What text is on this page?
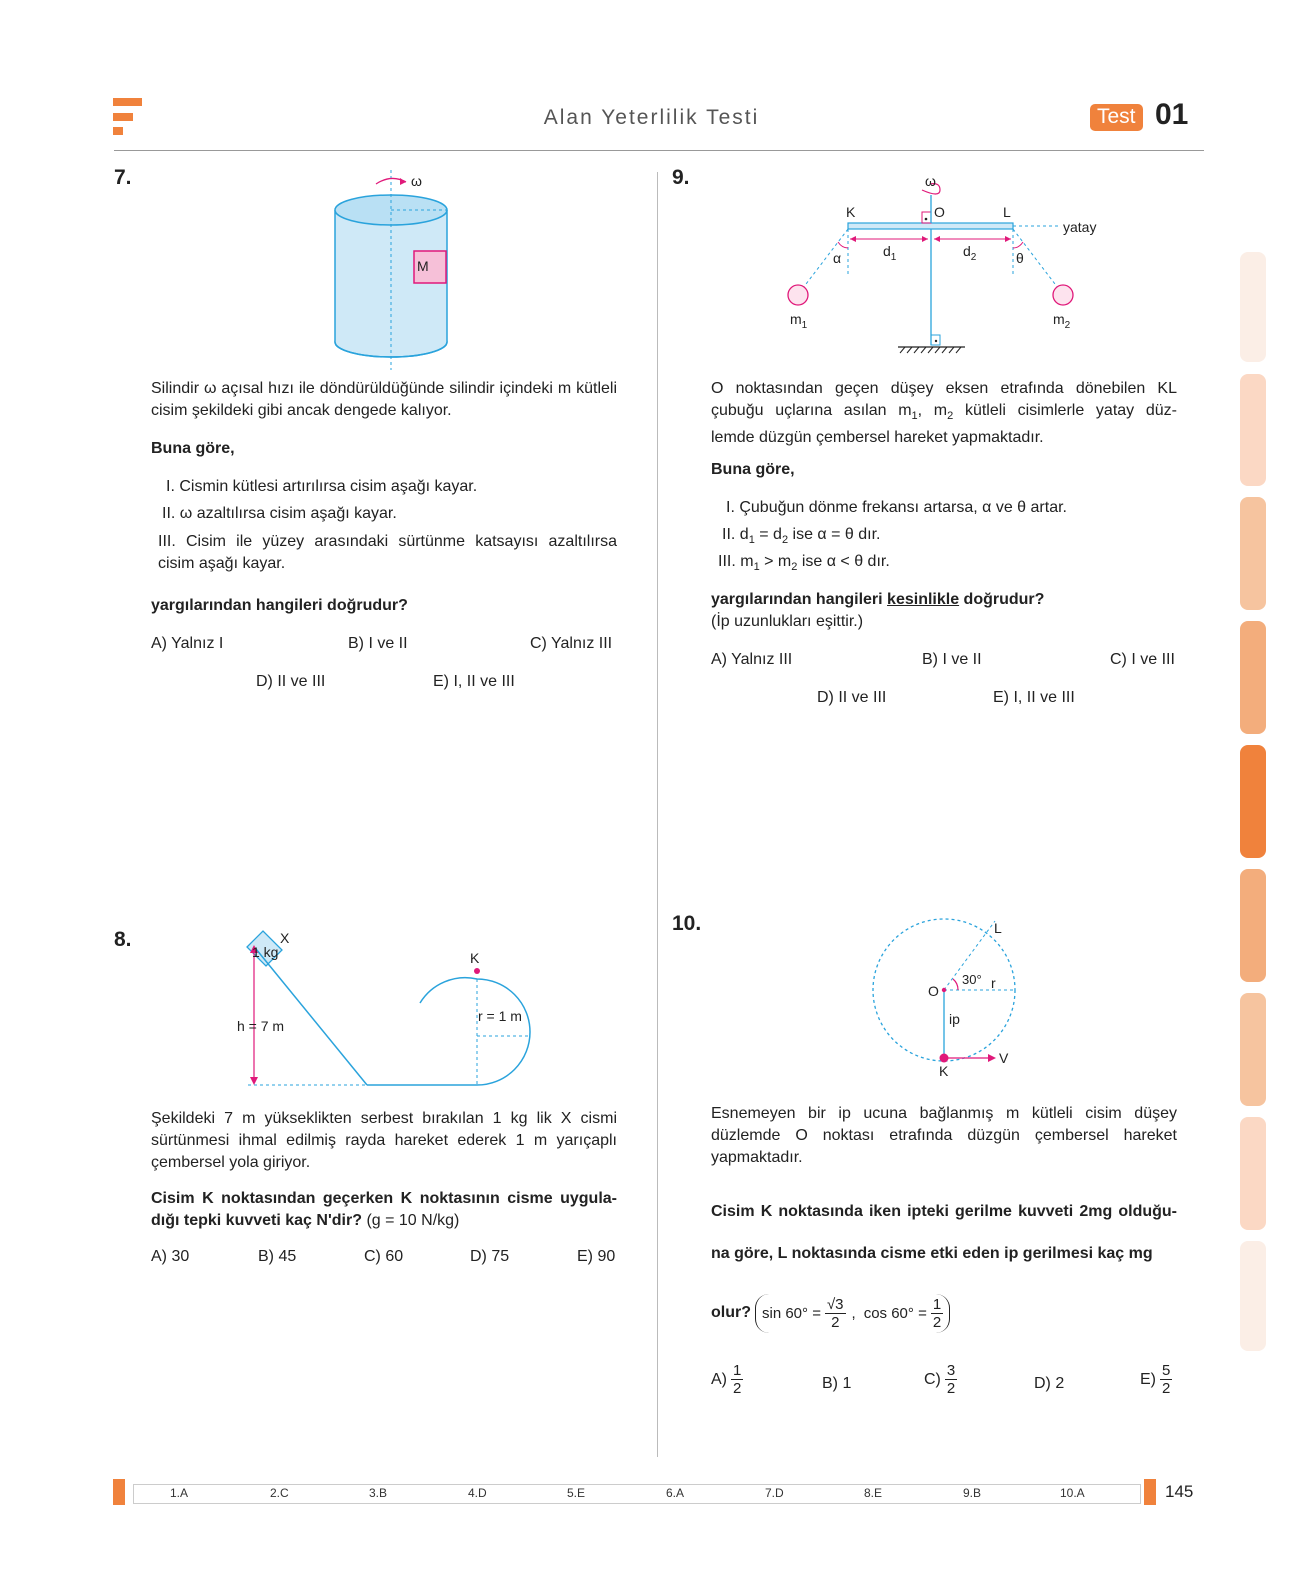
Alan Yeterlilik Testi	Test 01
7.	ω
M
Silindir ω açısal hızı ile döndürüldüğünde silindir içindeki m kütleli cisim şekildeki gibi ancak dengede kalıyor.
Buna göre,
I. Cismin kütlesi artırılırsa cisim aşağı kayar.
II. ω azaltılırsa cisim aşağı kayar.
III. Cisim ile yüzey arasındaki sürtünme katsayısı azaltılırsa cisim aşağı kayar.
yargılarından hangileri doğrudur?
A) Yalnız I	B) I ve II	C) Yalnız III
D) II ve III	E) I, II ve III
9.	ω
K	O	L
yatay
α	θ
$d_1$	$d_2$
$m_1$	$m_2$
O noktasından geçen düşey eksen etrafında dönebilen KL
çubuğu uçlarına asılan $m_1$, $m_2$ kütleli cisimlerle yatay düz-
lemde düzgün çembersel hareket yapmaktadır.
Buna göre,
I. Çubuğun dönme frekansı artarsa, α ve θ artar.
II. $d_1 = d_2$ ise α = θ dır.
III. $m_1 > m_2$ ise α < θ dır.
yargılarından hangileri kesinlikle doğrudur?
(İp uzunlukları eşittir.)
A) Yalnız III	B) I ve II	C) I ve III
D) II ve III	E) I, II ve III
8.
1 kg
X
h = 7 m
K
r = 1 m
Şekildeki 7 m yükseklikten serbest bırakılan 1 kg lik X cismi sürtünmesi ihmal edilmiş rayda hareket ederek 1 m yarıçaplı çembersel yola giriyor.
Cisim K noktasından geçerken K noktasının cisme uygula-
dığı tepki kuvveti kaç N'dir? (g = 10 N/kg)
A) 30	B) 45	C) 60	D) 75	E) 90
10.	L
O
30° r
ip
K
V
Esnemeyen bir ip ucuna bağlanmış m kütleli cisim düşey düzlemde O noktası etrafında düzgün çembersel hareket yapmaktadır.
Cisim K noktasında iken ipteki gerilme kuvveti 2mg olduğu-
na göre, L noktasında cisme etki eden ip gerilmesi kaç mg
olur? $\sin 60^\circ = \frac{√3}{2}$ , $\cos 60^\circ = \frac{1}{2}$
$A) \frac{1}{2}$	B) 1	$C) \frac{3}{2}$	D) 2	$E) \frac{5}{2}$
1.A	2.C	3.B	4.D	5.E	6.A	7.D	8.E	9.B	10.A	145
